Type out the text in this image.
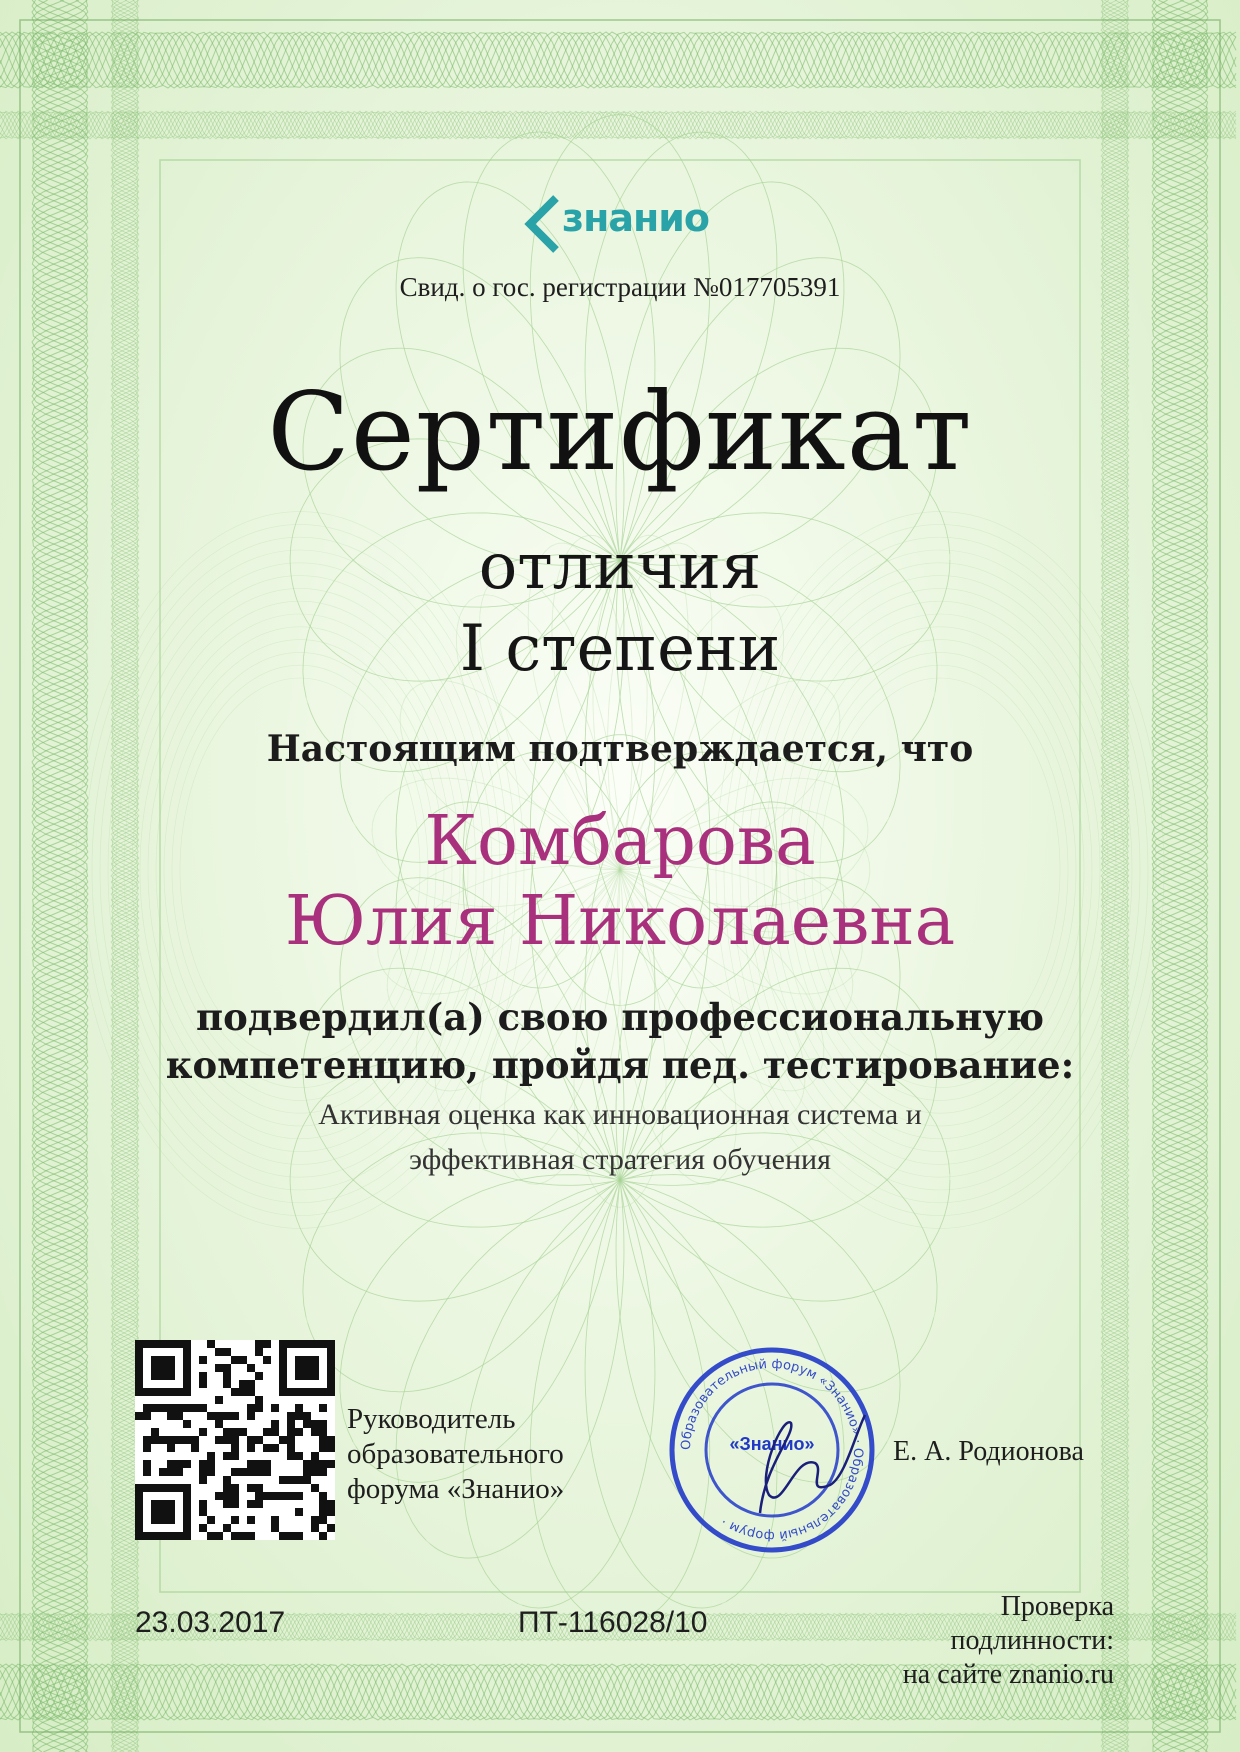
знанио
Свид. о гос. регистрации №017705391
Сертификат
отличия
I степени
Настоящим подтверждается, что
Комбарова
Юлия Николаевна
подвердил(а) свою профессиональную
компетенцию, пройдя пед. тестирование:
Активная оценка как инновационная система и
эффективная стратегия обучения
Руководитель
образовательного
форума «Знанио»
Образовательный форум «Знанио» · Образовательный форум ·
«Знанио»	Е. А. Родионова
23.03.2017	ПТ-116028/10	Проверка
подлинности:
на сайте znanio.ru
